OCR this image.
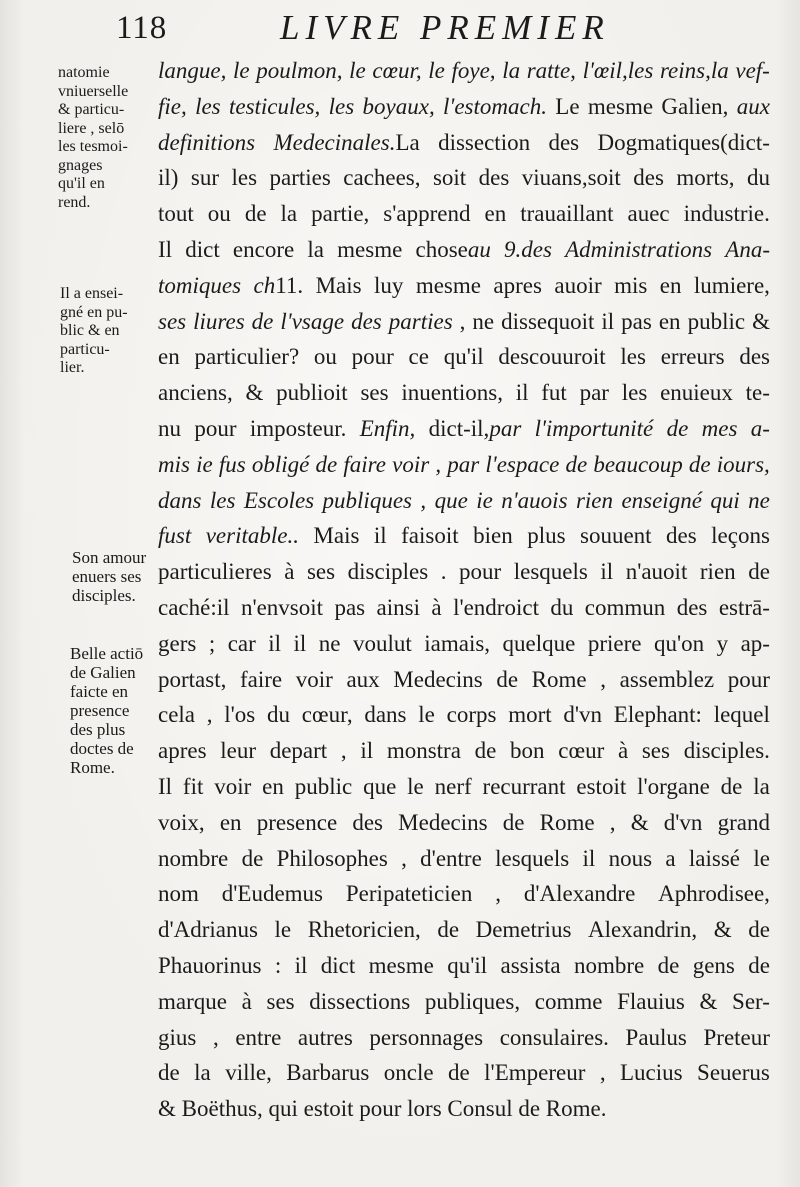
118	LIVRE PREMIER
natomie
vniuerselle
& particu-
liere , selō
les tesmoi-
gnages
qu'il en
rend.
Il a ensei-
gné en pu-
blic & en
particu-
lier.
Son amour
enuers ses
disciples.
Belle actiō
de Galien
faicte en
presence
des plus
doctes de
Rome.
langue, le poulmon, le cœur, le foye, la ratte, l'œil,les reins,la vef-
fie, les testicules, les boyaux, l'estomach. Le mesme Galien, aux
definitions Medecinales.La dissection des Dogmatiques(dict-
il) sur les parties cachees, soit des viuans,soit des morts, du
tout ou de la partie, s'apprend en trauaillant auec industrie.
Il dict encore la mesme choseau 9.des Administrations Ana-
tomiques ch11. Mais luy mesme apres auoir mis en lumiere,
ses liures de l'vsage des parties , ne dissequoit il pas en public &
en particulier? ou pour ce qu'il descouuroit les erreurs des
anciens, & publioit ses inuentions, il fut par les enuieux te-
nu pour imposteur. Enfin, dict-il,par l'importunité de mes a-
mis ie fus obligé de faire voir , par l'espace de beaucoup de iours,
dans les Escoles publiques , que ie n'auois rien enseigné qui ne
fust veritable.. Mais il faisoit bien plus souuent des leçons
particulieres à ses disciples . pour lesquels il n'auoit rien de
caché:il n'envsoit pas ainsi à l'endroict du commun des estrā-
gers ; car il il ne voulut iamais, quelque priere qu'on y ap-
portast, faire voir aux Medecins de Rome , assemblez pour
cela , l'os du cœur, dans le corps mort d'vn Elephant: lequel
apres leur depart , il monstra de bon cœur à ses disciples.
Il fit voir en public que le nerf recurrant estoit l'organe de la
voix, en presence des Medecins de Rome , & d'vn grand
nombre de Philosophes , d'entre lesquels il nous a laissé le
nom d'Eudemus Peripateticien , d'Alexandre Aphrodisee,
d'Adrianus le Rhetoricien, de Demetrius Alexandrin, & de
Phauorinus : il dict mesme qu'il assista nombre de gens de
marque à ses dissections publiques, comme Flauius & Ser-
gius , entre autres personnages consulaires. Paulus Preteur
de la ville, Barbarus oncle de l'Empereur , Lucius Seuerus
& Boëthus, qui estoit pour lors Consul de Rome.
